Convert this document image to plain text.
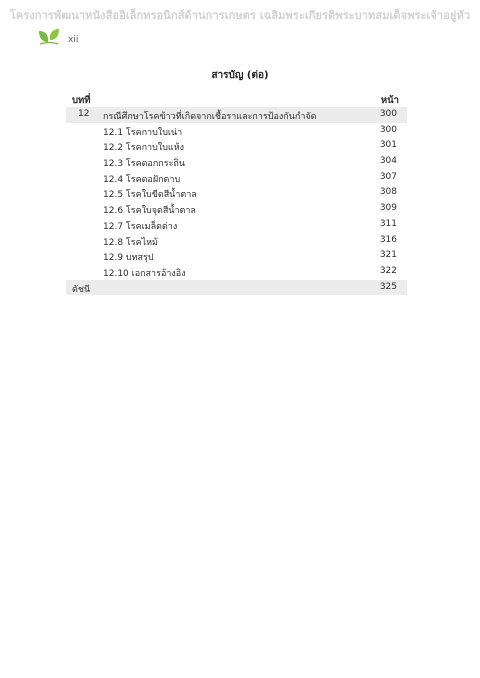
โครงการพัฒนาหนังสืออิเล็กทรอนิกส์ด้านการเกษตร เฉลิมพระเกียรติพระบาทสมเด็จพระเจ้าอยู่หัว
xii
สารบัญ (ต่อ)
บทที่	หน้า
12 กรณีศึกษาโรคข้าวที่เกิดจากเชื้อราและการป้องกันกำจัด	300
12.1 โรคกาบใบเน่า	300
12.2 โรคกาบใบแห้ง	301
12.3 โรคดอกกระถิน	304
12.4 โรคดอฝักดาบ	307
12.5 โรคใบขีดสีน้ำตาล	308
12.6 โรคใบจุดสีน้ำตาล	309
12.7 โรคเมล็ดด่าง	311
12.8 โรคไหม้	316
12.9 บทสรุป	321
12.10 เอกสารอ้างอิง	322
ดัชนี	325
